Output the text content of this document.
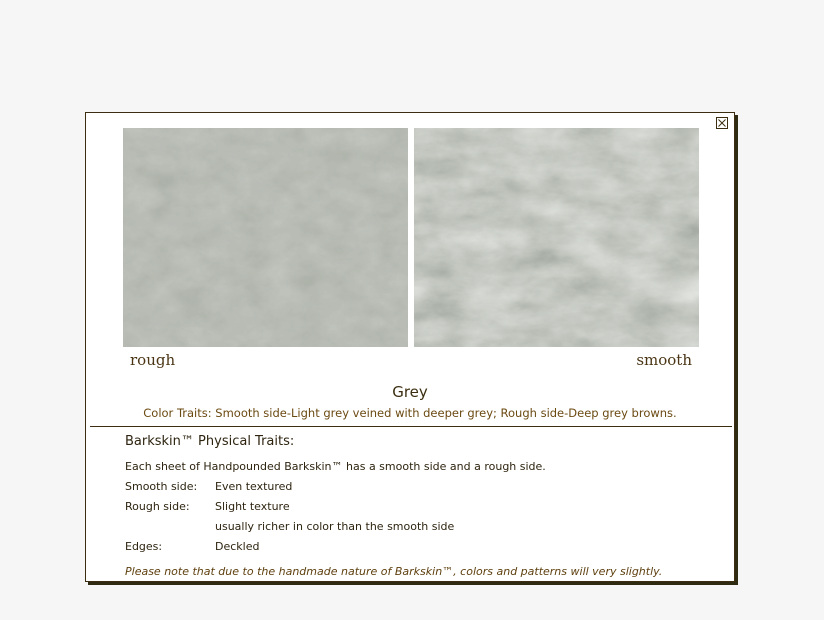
rough	smooth
Grey
Color Traits: Smooth side-Light grey veined with deeper grey; Rough side-Deep grey browns.
Barkskin™ Physical Traits:
Each sheet of Handpounded Barkskin™ has a smooth side and a rough side.
Smooth side: Even textured
Rough side: Slight texture
usually richer in color than the smooth side
Edges:	Deckled
Please note that due to the handmade nature of Barkskin™, colors and patterns will very slightly.
